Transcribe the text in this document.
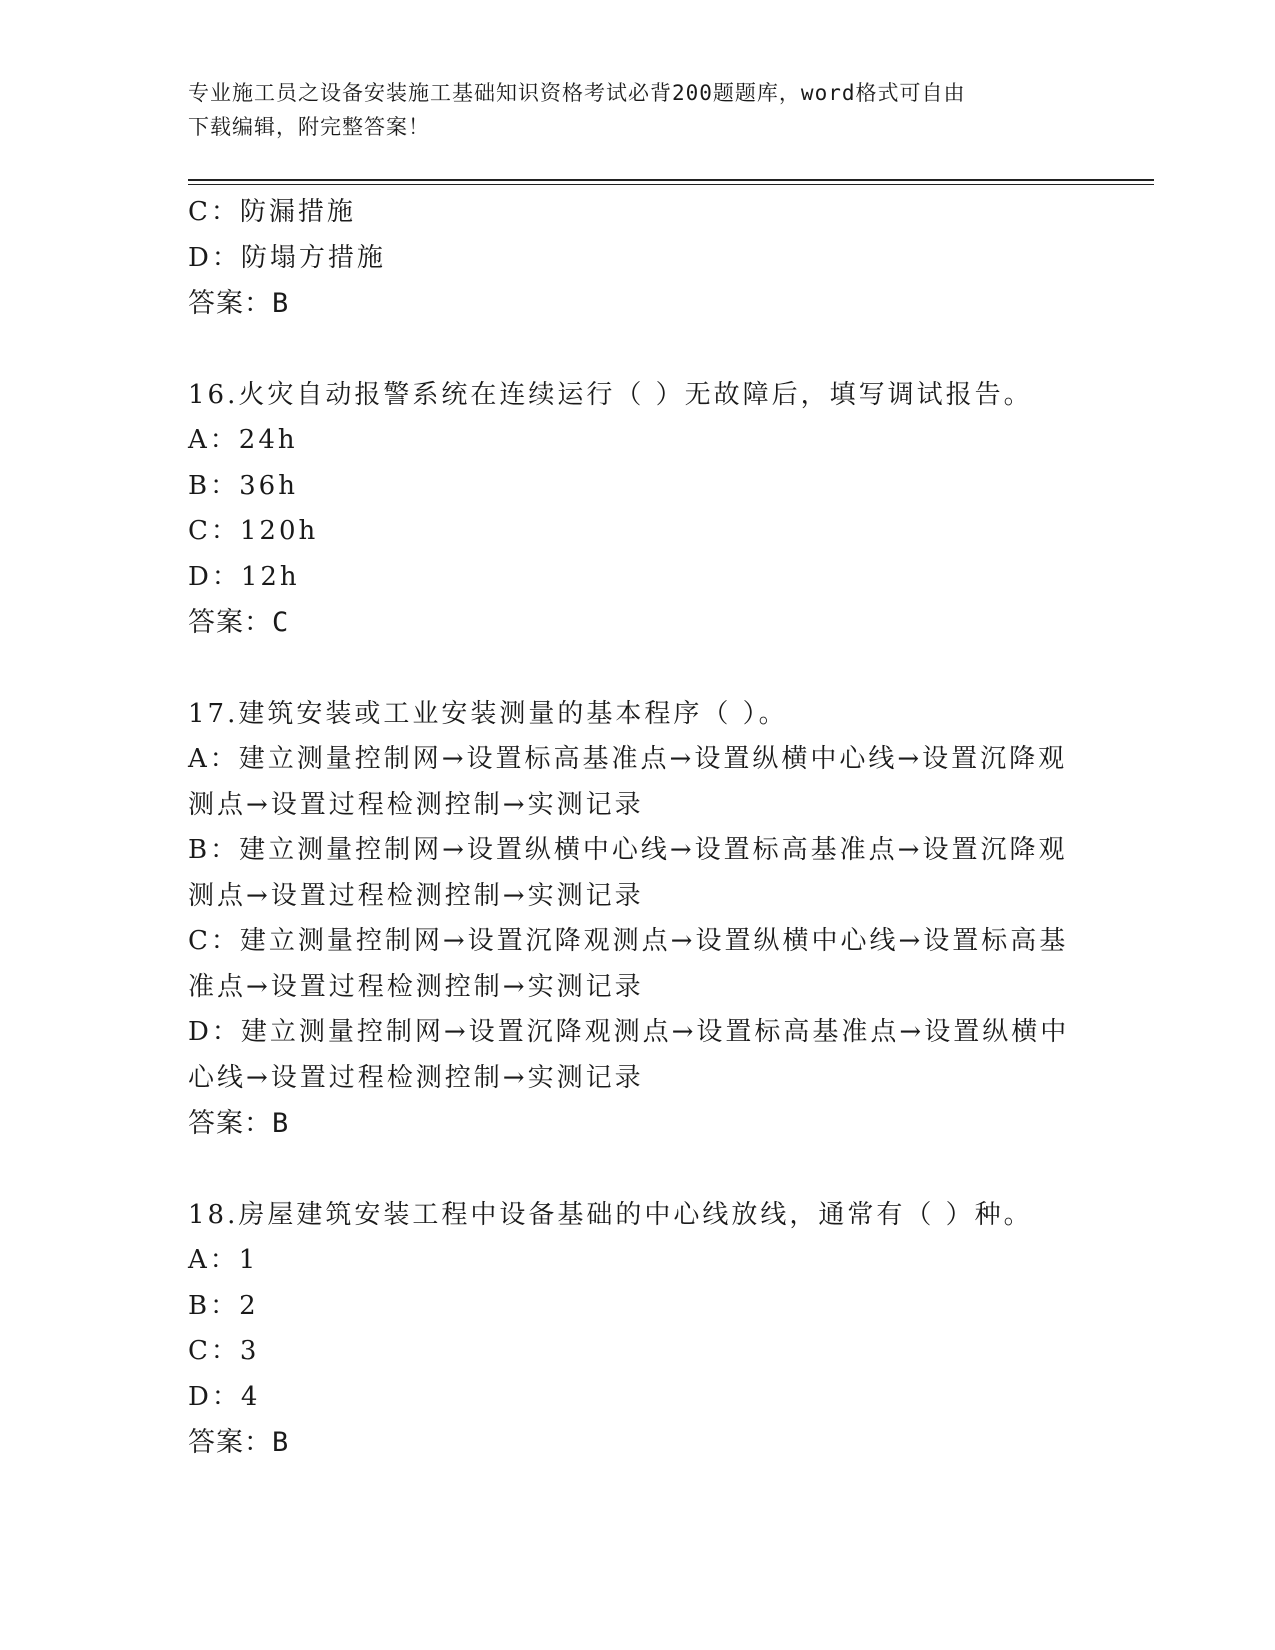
专业施工员之设备安装施工基础知识资格考试必背200题题库，word格式可自由
下载编辑，附完整答案！
C：防漏措施
D：防塌方措施
答案：B
16.火灾自动报警系统在连续运行（ ）无故障后，填写调试报告。
A：24h
B：36h
C：120h
D：12h
答案：C
17.建筑安装或工业安装测量的基本程序（ ）。
A：建立测量控制网→设置标高基准点→设置纵横中心线→设置沉降观
测点→设置过程检测控制→实测记录
B：建立测量控制网→设置纵横中心线→设置标高基准点→设置沉降观
测点→设置过程检测控制→实测记录
C：建立测量控制网→设置沉降观测点→设置纵横中心线→设置标高基
准点→设置过程检测控制→实测记录
D：建立测量控制网→设置沉降观测点→设置标高基准点→设置纵横中
心线→设置过程检测控制→实测记录
答案：B
18.房屋建筑安装工程中设备基础的中心线放线，通常有（ ）种。
A：1
B：2
C：3
D：4
答案：B
